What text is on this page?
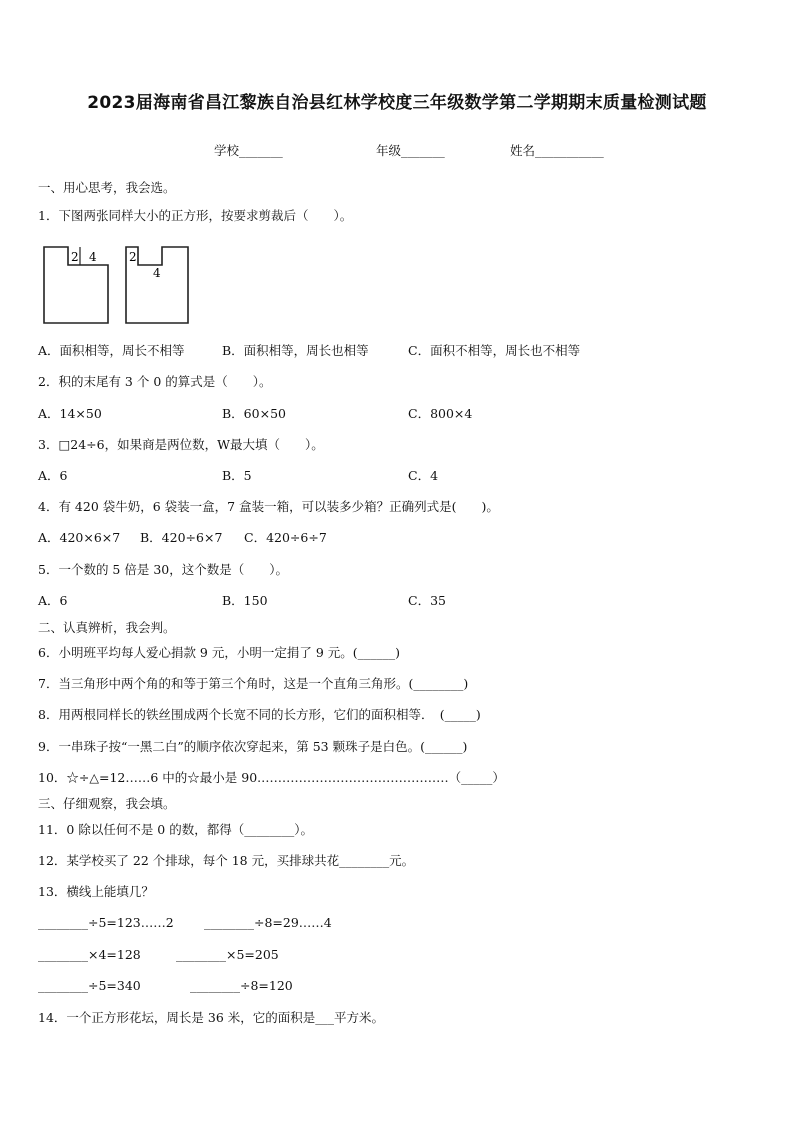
2023届海南省昌江黎族自治县红林学校度三年级数学第二学期期末质量检测试题
学校_______	年级_______	姓名___________
一、用心思考，我会选。
1．下图两张同样大小的正方形，按要求剪裁后（　　）。
2 4	2
4
A．面积相等，周长不相等	B．面积相等，周长也相等	C．面积不相等，周长也不相等
2．积的末尾有 3 个 0 的算式是（　　）。
A．14×50	B．60×50	C．800×4
3．□24÷6，如果商是两位数，W最大填（　　）。
A．6	B．5	C．4
4．有 420 袋牛奶，6 袋装一盒，7 盒装一箱，可以装多少箱？正确列式是(　　)。
A．420×6×7 B．420÷6×7 C．420÷6÷7
5．一个数的 5 倍是 30，这个数是（　　）。
A．6	B．150	C．35
二、认真辨析，我会判。
6．小明班平均每人爱心捐款 9 元，小明一定捐了 9 元。(______)
7．当三角形中两个角的和等于第三个角时，这是一个直角三角形。(________)
8．用两根同样长的铁丝围成两个长宽不同的长方形，它们的面积相等．　(_____)
9．一串珠子按“一黑二白”的顺序依次穿起来，第 53 颗珠子是白色。(______)
10．☆÷△=12……6 中的☆最小是 90.………………………………………（_____）
三、仔细观察，我会填。
11．0 除以任何不是 0 的数，都得（________）。
12．某学校买了 22 个排球，每个 18 元，买排球共花________元。
13．横线上能填几？
________÷5=123……2 ________÷8=29……4
________×4=128	________×5=205
________÷5=340	________÷8=120
14．一个正方形花坛，周长是 36 米，它的面积是___平方米。
